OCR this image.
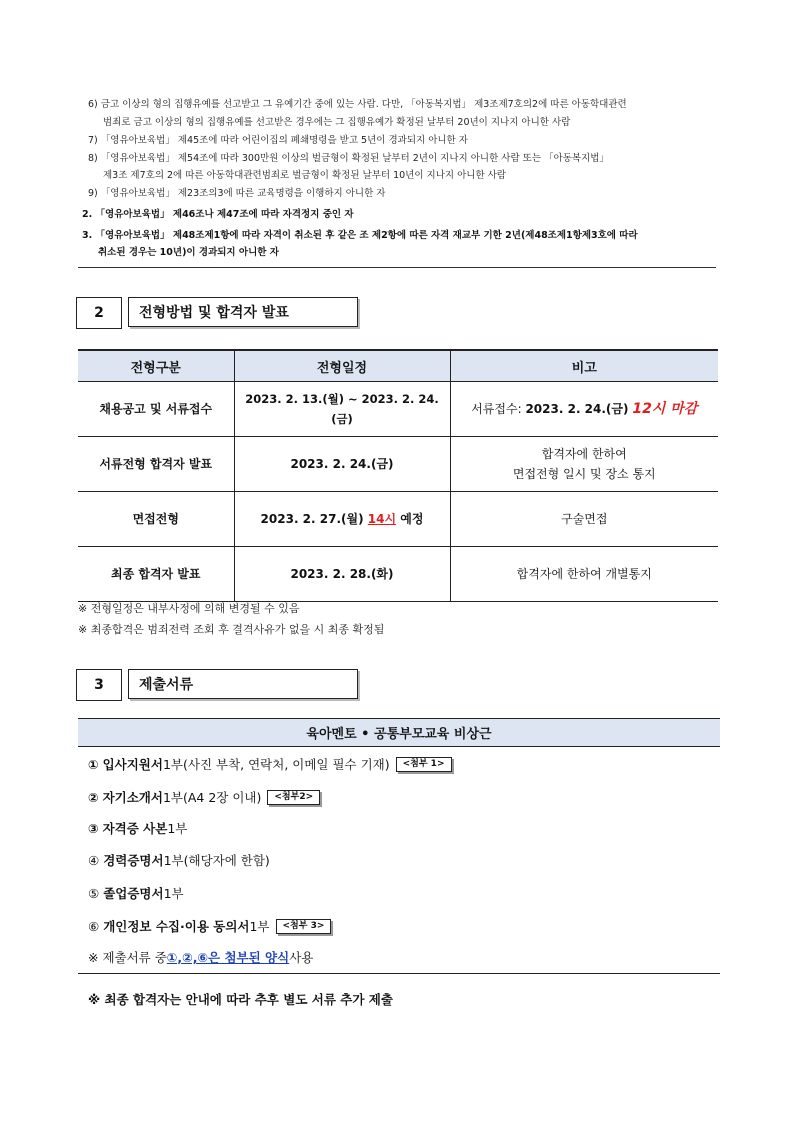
6) 금고 이상의 형의 집행유예를 선고받고 그 유예기간 중에 있는 사람. 다만, 「아동복지법」 제3조제7호의2에 따른 아동학대관련
범죄로 금고 이상의 형의 집행유예를 선고받은 경우에는 그 집행유예가 확정된 날부터 20년이 지나지 아니한 사람
7) 「영유아보육법」 제45조에 따라 어린이집의 폐쇄명령을 받고 5년이 경과되지 아니한 자
8) 「영유아보육법」 제54조에 따라 300만원 이상의 벌금형이 확정된 날부터 2년이 지나지 아니한 사람 또는 「아동복지법」
제3조 제7호의 2에 따른 아동학대관련범죄로 벌금형이 확정된 날부터 10년이 지나지 아니한 사람
9) 「영유아보육법」 제23조의3에 따른 교육명령을 이행하지 아니한 자
2. 「영유아보육법」 제46조나 제47조에 따라 자격정지 중인 자
3. 「영유아보육법」 제48조제1항에 따라 자격이 취소된 후 같은 조 제2항에 따른 자격 재교부 기한 2년(제48조제1항제3호에 따라
취소된 경우는 10년)이 경과되지 아니한 자
2	전형방법 및 합격자 발표
전형구분	전형일정	비고
채용공고 및 서류접수	2023. 2. 13.(월) ~ 2023. 2. 24.(금)	서류접수: 2023. 2. 24.(금) 12시 마감
서류전형 합격자 발표	2023. 2. 24.(금)	합격자에 한하여
면접전형 일시 및 장소 통지

면접전형	2023. 2. 27.(월) 14시 예정	구술면접
최종 합격자 발표	2023. 2. 28.(화)	합격자에 한하여 개별통지
※ 전형일정은 내부사정에 의해 변경될 수 있음
※ 최종합격은 범죄전력 조회 후 결격사유가 없을 시 최종 확정됨
3	제출서류
육아멘토 • 공통부모교육 비상근
①
입사지원서 1부(사진 부착, 연락처, 이메일 필수 기재)	<첨부 1>
②
자기소개서 1부(A4 2장 이내)	<첨부2>
③
자격증 사본 1부
④
경력증명서 1부(해당자에 한함)
⑤
졸업증명서 1부
⑥
개인정보 수집·이용 동의서 1부	<첨부 3>
※ 제출서류 중 ①,②,⑥은 첨부된 양식 사용
※ 최종 합격자는 안내에 따라 추후 별도 서류 추가 제출
